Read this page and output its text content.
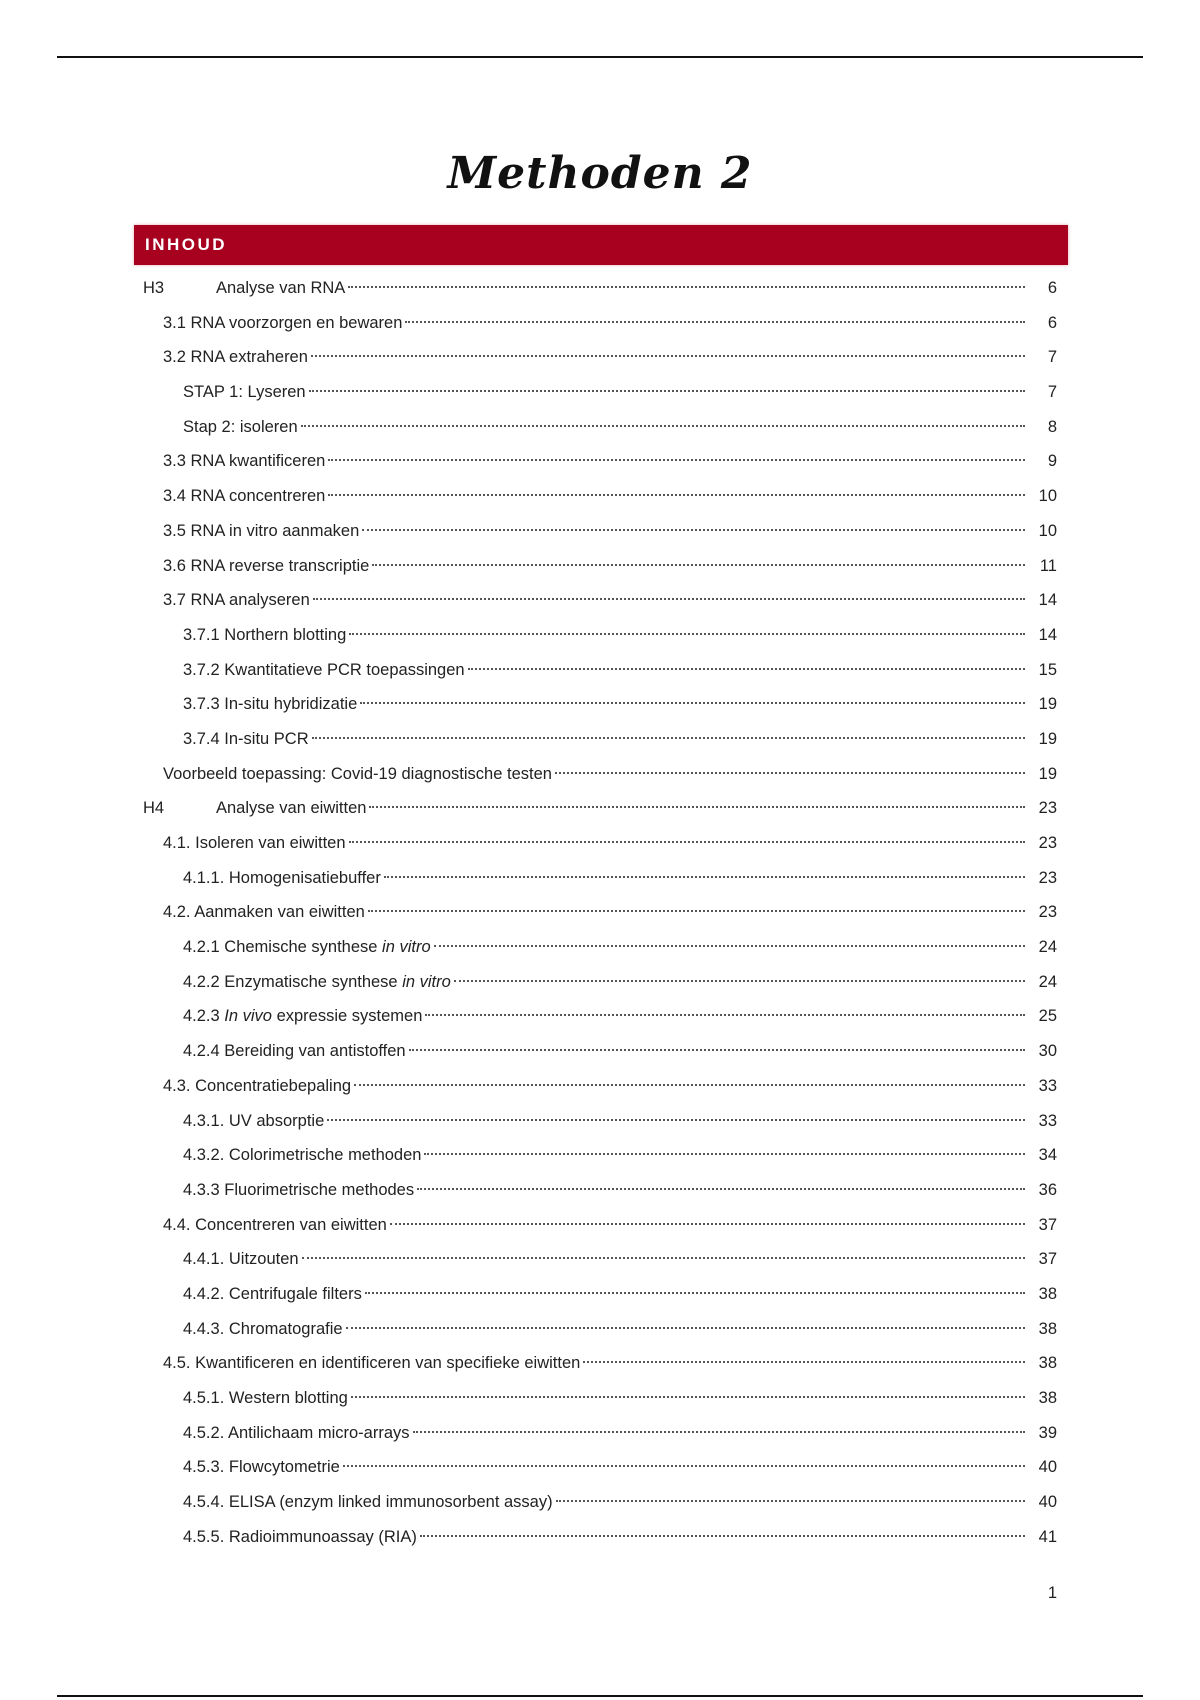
Methoden 2
INHOUD
H3	Analyse van RNA	6
3.1 RNA voorzorgen en bewaren	6
3.2 RNA extraheren	7
STAP 1: Lyseren	7
Stap 2: isoleren	8
3.3 RNA kwantificeren	9
3.4 RNA concentreren	10
3.5 RNA in vitro aanmaken	10
3.6 RNA reverse transcriptie	11
3.7 RNA analyseren	14
3.7.1 Northern blotting	14
3.7.2 Kwantitatieve PCR toepassingen	15
3.7.3 In-situ hybridizatie	19
3.7.4 In-situ PCR	19
Voorbeeld toepassing: Covid-19 diagnostische testen	19
H4	Analyse van eiwitten	23
4.1. Isoleren van eiwitten	23
4.1.1. Homogenisatiebuffer	23
4.2. Aanmaken van eiwitten	23
4.2.1 Chemische synthese in vitro	24
4.2.2 Enzymatische synthese in vitro	24
4.2.3 In vivo expressie systemen	25
4.2.4 Bereiding van antistoffen	30
4.3. Concentratiebepaling	33
4.3.1. UV absorptie	33
4.3.2. Colorimetrische methoden	34
4.3.3 Fluorimetrische methodes	36
4.4. Concentreren van eiwitten	37
4.4.1. Uitzouten	37
4.4.2. Centrifugale filters	38
4.4.3. Chromatografie	38
4.5. Kwantificeren en identificeren van specifieke eiwitten	38
4.5.1. Western blotting	38
4.5.2. Antilichaam micro-arrays	39
4.5.3. Flowcytometrie	40
4.5.4. ELISA (enzym linked immunosorbent assay)	40
4.5.5. Radioimmunoassay (RIA)	41
1
